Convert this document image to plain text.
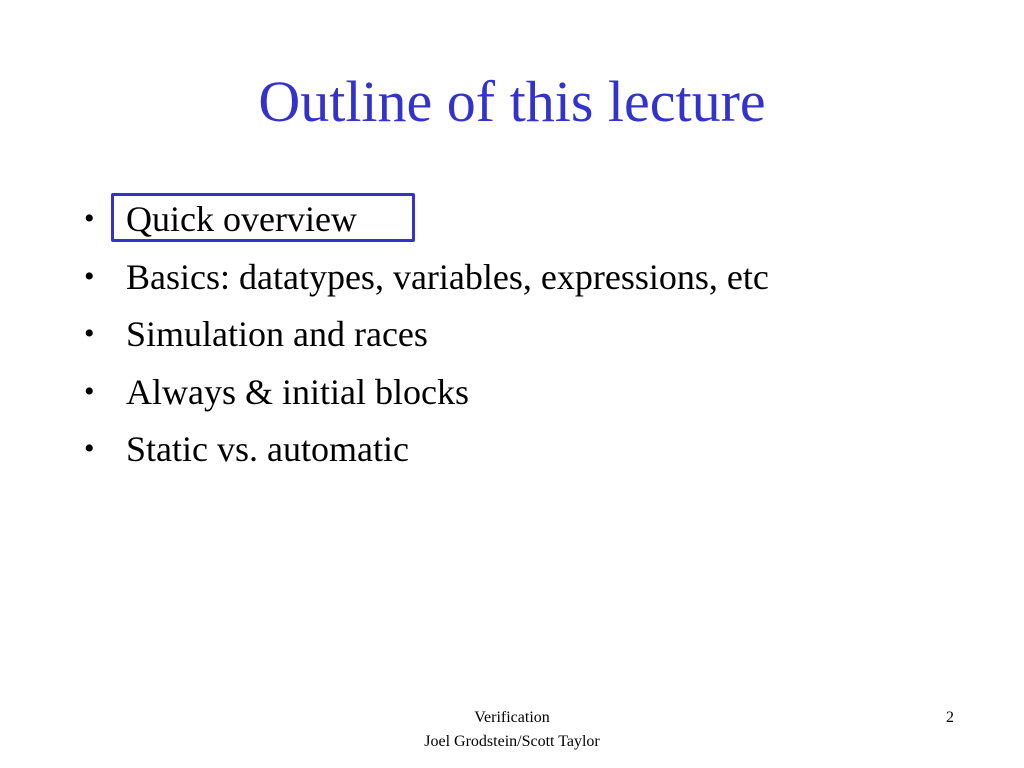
Outline of this lecture
• Quick overview
• Basics: datatypes, variables, expressions, etc
• Simulation and races
• Always & initial blocks
• Static vs. automatic
Verification
Joel Grodstein/Scott Taylor
2
